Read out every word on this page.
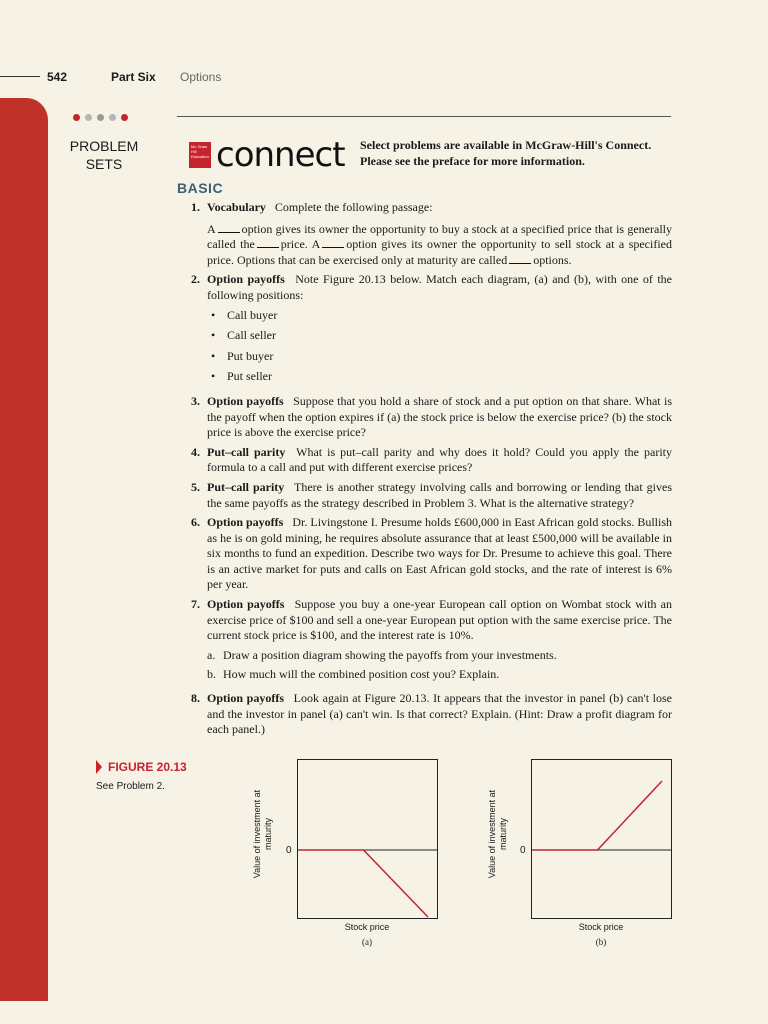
542	Part Six Options
PROBLEM
SETS
Mc Graw Hill Education connect Select problems are available in McGraw-Hill's Connect.
Please see the preface for more information.
BASIC
1. Vocabulary Complete the following passage:
A option gives its owner the opportunity to buy a stock at a specified price that is generally called the price. A option gives its owner the opportunity to sell stock at a specified price. Options that can be exercised only at maturity are called options.
2. Option payoffs Note Figure 20.13 below. Match each diagram, (a) and (b), with one of the following positions:
• Call buyer
• Call seller
• Put buyer
• Put seller
3. Option payoffs Suppose that you hold a share of stock and a put option on that share. What is the payoff when the option expires if (a) the stock price is below the exercise price? (b) the stock price is above the exercise price?
4. Put–call parity What is put–call parity and why does it hold? Could you apply the parity formula to a call and put with different exercise prices?
5. Put–call parity There is another strategy involving calls and borrowing or lending that gives the same payoffs as the strategy described in Problem 3. What is the alternative strategy?
6. Option payoffs Dr. Livingstone I. Presume holds £600,000 in East African gold stocks. Bullish as he is on gold mining, he requires absolute assurance that at least £500,000 will be available in six months to fund an expedition. Describe two ways for Dr. Presume to achieve this goal. There is an active market for puts and calls on East African gold stocks, and the rate of interest is 6% per year.
7. Option payoffs Suppose you buy a one-year European call option on Wombat stock with an exercise price of $100 and sell a one-year European put option with the same exercise price. The current stock price is $100, and the interest rate is 10%.
a. Draw a position diagram showing the payoffs from your investments.
b. How much will the combined position cost you? Explain.
8. Option payoffs Look again at Figure 20.13. It appears that the investor in panel (b) can't lose and the investor in panel (a) can't win. Is that correct? Explain. (Hint: Draw a profit diagram for each panel.)
FIGURE 20.13
See Problem 2.
Value of investment at maturity
0
Stock price
(a)
Value of investment at maturity
0
Stock price
(b)
